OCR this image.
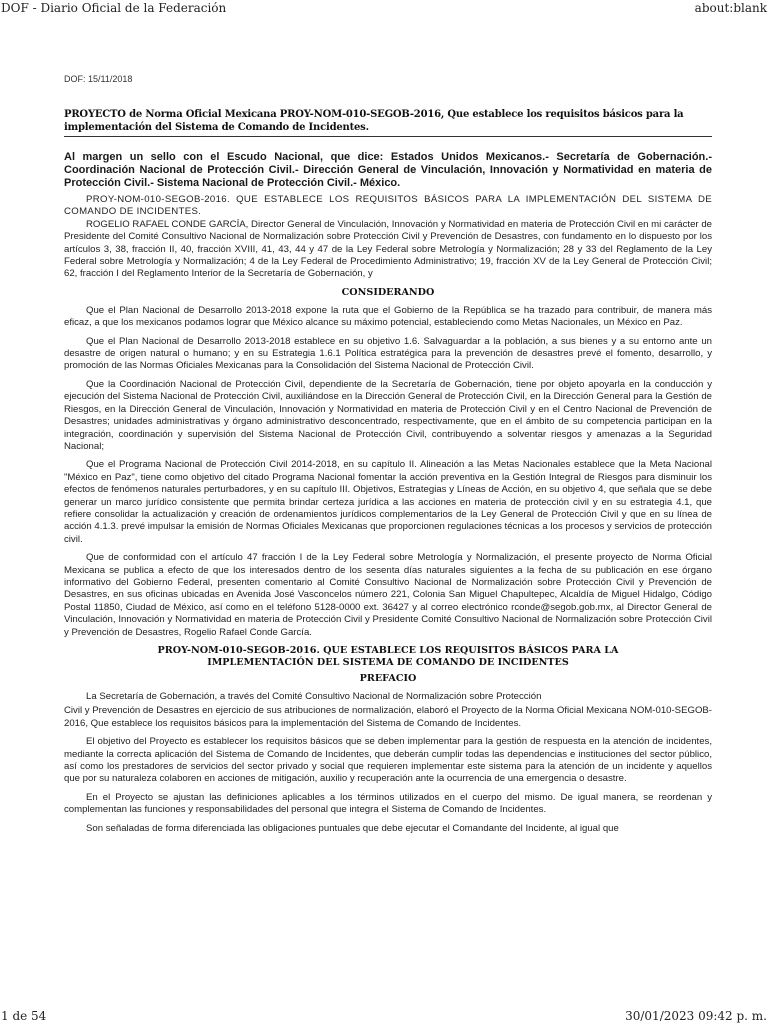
DOF - Diario Oficial de la Federación	about:blank
DOF: 15/11/2018
PROYECTO de Norma Oficial Mexicana PROY-NOM-010-SEGOB-2016, Que establece los requisitos básicos para la implementación del Sistema de Comando de Incidentes.
Al margen un sello con el Escudo Nacional, que dice: Estados Unidos Mexicanos.- Secretaría de Gobernación.- Coordinación Nacional de Protección Civil.- Dirección General de Vinculación, Innovación y Normatividad en materia de Protección Civil.- Sistema Nacional de Protección Civil.- México.

PROY-NOM-010-SEGOB-2016. QUE ESTABLECE LOS REQUISITOS BÁSICOS PARA LA IMPLEMENTACIÓN DEL SISTEMA DE COMANDO DE INCIDENTES.

ROGELIO RAFAEL CONDE GARCÍA, Director General de Vinculación, Innovación y Normatividad en materia de Protección Civil en mi carácter de Presidente del Comité Consultivo Nacional de Normalización sobre Protección Civil y Prevención de Desastres, con fundamento en lo dispuesto por los artículos 3, 38, fracción II, 40, fracción XVIII, 41, 43, 44 y 47 de la Ley Federal sobre Metrología y Normalización; 28 y 33 del Reglamento de la Ley Federal sobre Metrología y Normalización; 4 de la Ley Federal de Procedimiento Administrativo; 19, fracción XV de la Ley General de Protección Civil; 62, fracción I del Reglamento Interior de la Secretaría de Gobernación, y

CONSIDERANDO

Que el Plan Nacional de Desarrollo 2013-2018 expone la ruta que el Gobierno de la República se ha trazado para contribuir, de manera más eficaz, a que los mexicanos podamos lograr que México alcance su máximo potencial, estableciendo como Metas Nacionales, un México en Paz.

Que el Plan Nacional de Desarrollo 2013-2018 establece en su objetivo 1.6. Salvaguardar a la población, a sus bienes y a su entorno ante un desastre de origen natural o humano; y en su Estrategia 1.6.1 Política estratégica para la prevención de desastres prevé el fomento, desarrollo, y promoción de las Normas Oficiales Mexicanas para la Consolidación del Sistema Nacional de Protección Civil.

Que la Coordinación Nacional de Protección Civil, dependiente de la Secretaría de Gobernación, tiene por objeto apoyarla en la conducción y ejecución del Sistema Nacional de Protección Civil, auxiliándose en la Dirección General de Protección Civil, en la Dirección General para la Gestión de Riesgos, en la Dirección General de Vinculación, Innovación y Normatividad en materia de Protección Civil y en el Centro Nacional de Prevención de Desastres; unidades administrativas y órgano administrativo desconcentrado, respectivamente, que en el ámbito de su competencia participan en la integración, coordinación y supervisión del Sistema Nacional de Protección Civil, contribuyendo a solventar riesgos y amenazas a la Seguridad Nacional;

Que el Programa Nacional de Protección Civil 2014-2018, en su capítulo II. Alineación a las Metas Nacionales establece que la Meta Nacional "México en Paz", tiene como objetivo del citado Programa Nacional fomentar la acción preventiva en la Gestión Integral de Riesgos para disminuir los efectos de fenómenos naturales perturbadores, y en su capítulo III. Objetivos, Estrategias y Líneas de Acción, en su objetivo 4, que señala que se debe generar un marco jurídico consistente que permita brindar certeza jurídica a las acciones en materia de protección civil y en su estrategia 4.1, que refiere consolidar la actualización y creación de ordenamientos jurídicos complementarios de la Ley General de Protección Civil y que en su línea de acción 4.1.3. prevé impulsar la emisión de Normas Oficiales Mexicanas que proporcionen regulaciones técnicas a los procesos y servicios de protección civil.

Que de conformidad con el artículo 47 fracción I de la Ley Federal sobre Metrología y Normalización, el presente proyecto de Norma Oficial Mexicana se publica a efecto de que los interesados dentro de los sesenta días naturales siguientes a la fecha de su publicación en ese órgano informativo del Gobierno Federal, presenten comentario al Comité Consultivo Nacional de Normalización sobre Protección Civil y Prevención de Desastres, en sus oficinas ubicadas en Avenida José Vasconcelos número 221, Colonia San Miguel Chapultepec, Alcaldía de Miguel Hidalgo, Código Postal 11850, Ciudad de México, así como en el teléfono 5128-0000 ext. 36427 y al correo electrónico rconde@segob.gob.mx, al Director General de Vinculación, Innovación y Normatividad en materia de Protección Civil y Presidente Comité Consultivo Nacional de Normalización sobre Protección Civil y Prevención de Desastres, Rogelio Rafael Conde García.

PROY-NOM-010-SEGOB-2016. QUE ESTABLECE LOS REQUISITOS BÁSICOS PARA LA
IMPLEMENTACIÓN DEL SISTEMA DE COMANDO DE INCIDENTES
PREFACIO

La Secretaría de Gobernación, a través del Comité Consultivo Nacional de Normalización sobre Protección

Civil y Prevención de Desastres en ejercicio de sus atribuciones de normalización, elaboró el Proyecto de la Norma Oficial Mexicana NOM-010-SEGOB-2016, Que establece los requisitos básicos para la implementación del Sistema de Comando de Incidentes.

El objetivo del Proyecto es establecer los requisitos básicos que se deben implementar para la gestión de respuesta en la atención de incidentes, mediante la correcta aplicación del Sistema de Comando de Incidentes, que deberán cumplir todas las dependencias e instituciones del sector público, así como los prestadores de servicios del sector privado y social que requieren implementar este sistema para la atención de un incidente y aquellos que por su naturaleza colaboren en acciones de mitigación, auxilio y recuperación ante la ocurrencia de una emergencia o desastre.

En el Proyecto se ajustan las definiciones aplicables a los términos utilizados en el cuerpo del mismo. De igual manera, se reordenan y complementan las funciones y responsabilidades del personal que integra el Sistema de Comando de Incidentes.

Son señaladas de forma diferenciada las obligaciones puntuales que debe ejecutar el Comandante del Incidente, al igual que

1 de 54	30/01/2023 09:42 p. m.
